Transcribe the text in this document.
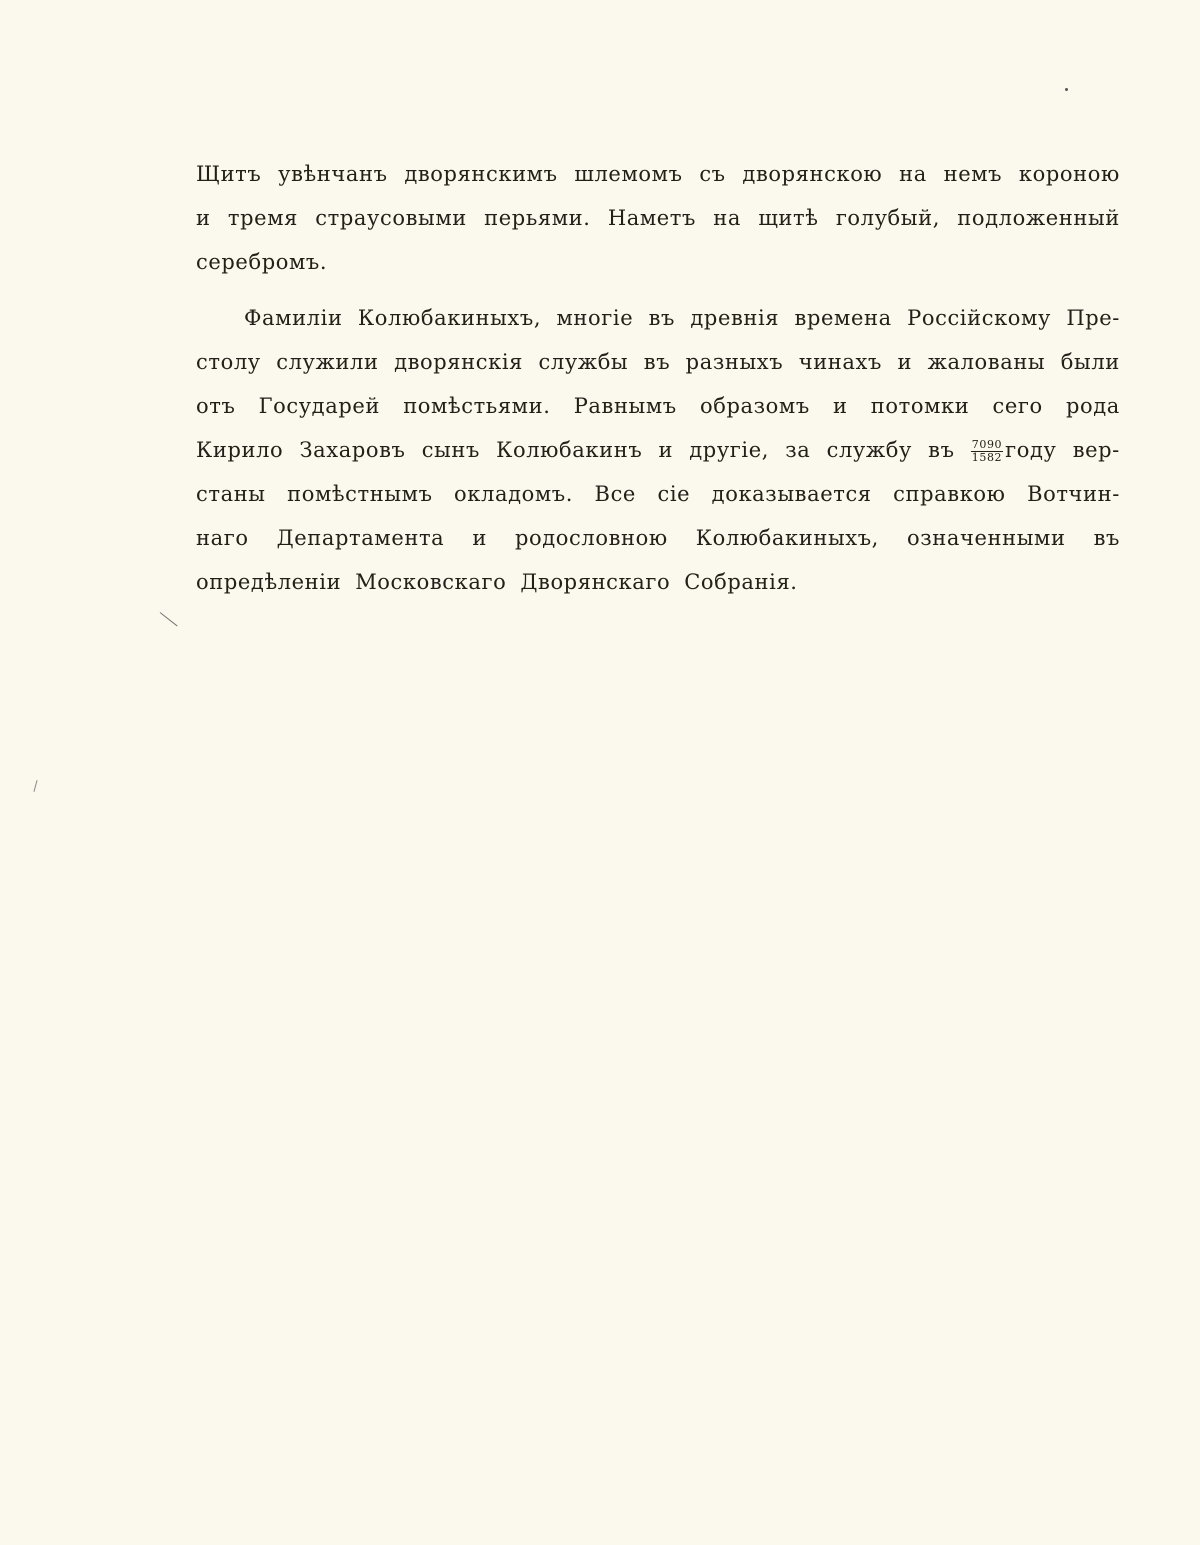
Щитъ увѣнчанъ дворянскимъ шлемомъ съ дворянскою на немъ короною
и тремя страусовыми перьями. Наметъ на щитѣ голубый, подложенный
серебромъ.
Фамиліи Колюбакиныхъ, многіе въ древнія времена Россійскому Пре-
столу служили дворянскія службы въ разныхъ чинахъ и жалованы были
отъ Государей помѣстьями. Равнымъ образомъ и потомки сего рода
Кирило Захаровъ сынъ Колюбакинъ и другіе, за службу въ $\frac{7090}{1582}$ году вер-
станы помѣстнымъ окладомъ. Все сіе доказывается справкою Вотчин-
наго Департамента и родословною Колюбакиныхъ, означенными въ
опредѣленіи Московскаго Дворянскаго Собранія.
